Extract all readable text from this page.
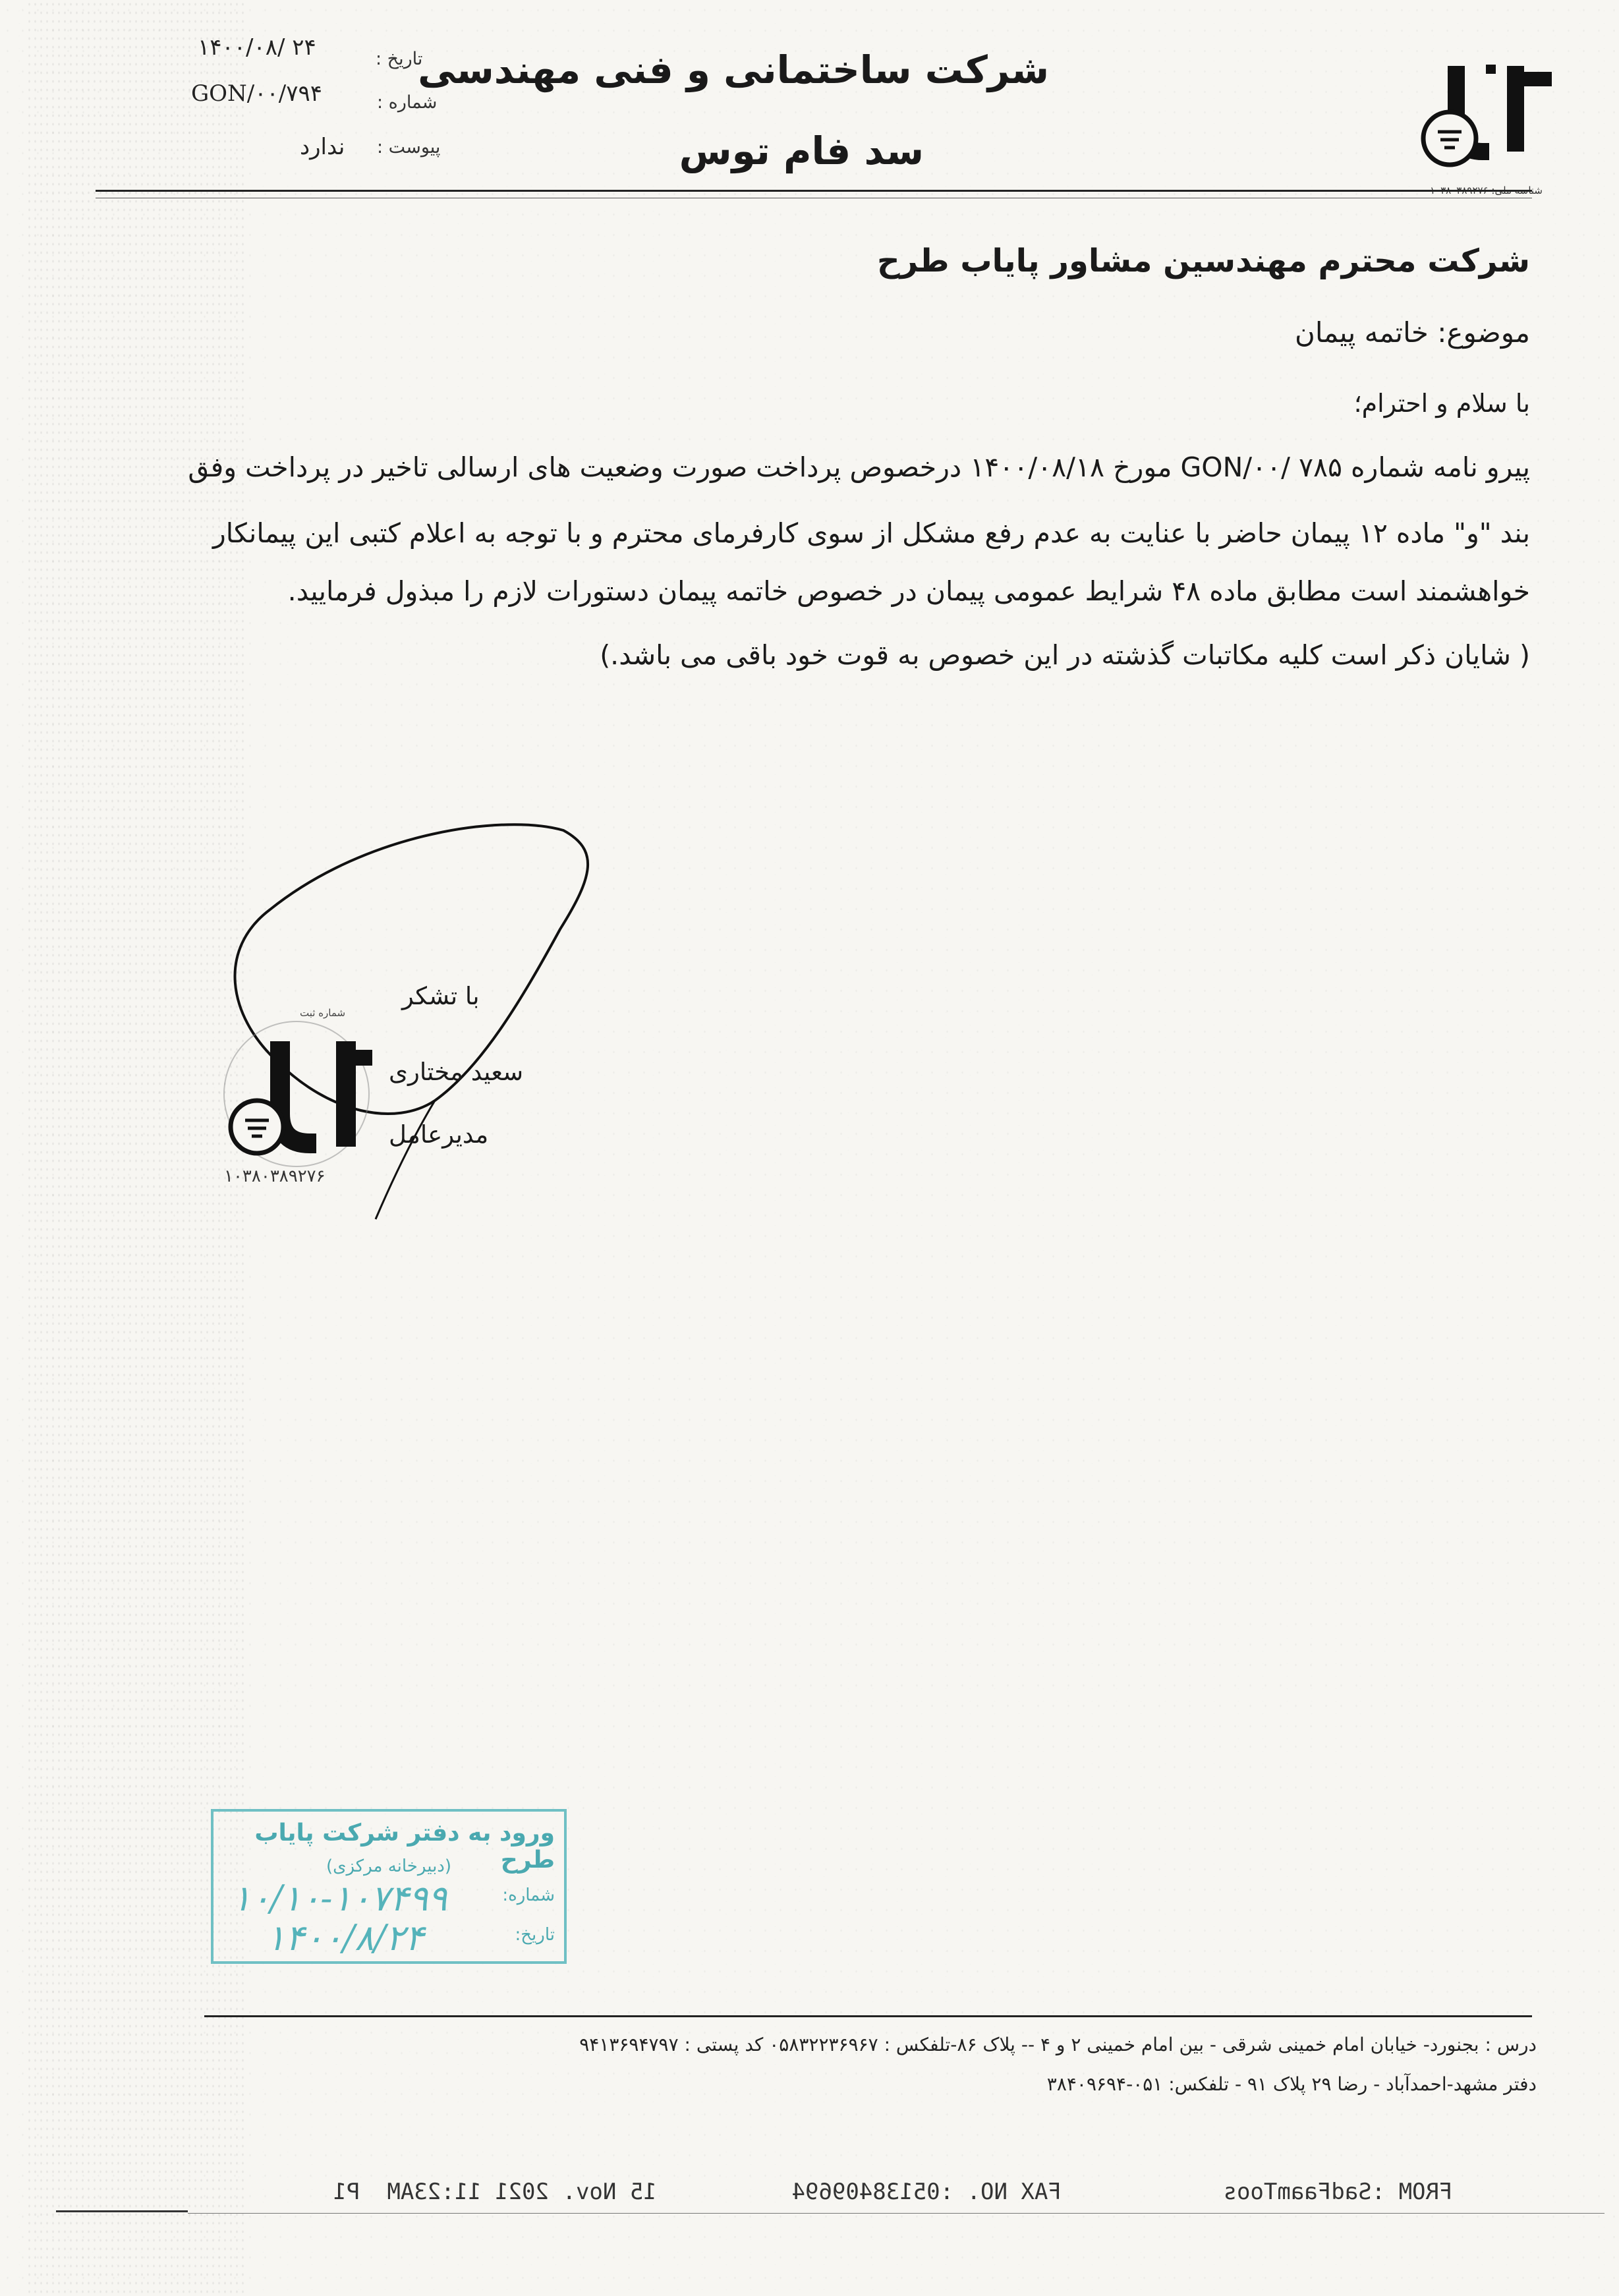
شناسه ملی: ۱۰۳۸۰۳۸۹۲۷۶
شرکت ساختمانی و فنی مهندسی
سد فام توس
تاریخ :
۱۴۰۰/۰۸/ ۲۴
شماره :
GON/۰۰/۷۹۴
پیوست :
ندارد
شرکت محترم مهندسین مشاور پایاب طرح
موضوع: خاتمه پیمان
با سلام و احترام؛
پیرو نامه شماره GON/۰۰/ ۷۸۵ مورخ ۱۴۰۰/۰۸/۱۸ درخصوص پرداخت صورت وضعیت های ارسالی تاخیر در پرداخت وفق
بند "و" ماده ۱۲ پیمان حاضر با عنایت به عدم رفع مشکل از سوی کارفرمای محترم و با توجه به اعلام کتبی این پیمانکار
خواهشمند است مطابق ماده ۴۸ شرایط عمومی پیمان در خصوص خاتمه پیمان دستورات لازم را مبذول فرمایید.
( شایان ذکر است کلیه مکاتبات گذشته در این خصوص به قوت خود باقی می باشد.)
شماره ثبت
۱۰۳۸۰۳۸۹۲۷۶
با تشکر
سعید مختاری
مدیرعامل
ورود به دفتر شرکت پایاب طرح
(دبیرخانه مرکزی)
شماره:
۱۰/۱۰-۱۰۷۴۹۹
تاریخ:
۱۴۰۰/۸/۲۴
درس : بجنورد- خیابان امام خمینی شرقی - بین امام خمینی ۲ و ۴ -- پلاک ۸۶-تلفکس : ۰۵۸۳۲۲۳۶۹۶۷ کد پستی : ۹۴۱۳۶۹۴۷۹۷
دفتر مشهد-احمدآباد - رضا ۲۹ پلاک ۹۱ - تلفکس: ۰۵۱-۳۸۴۰۹۶۹۴
FROM :SadFaamToos            FAX NO. :05138409694          15 Nov. 2021 11:23AM  P1
